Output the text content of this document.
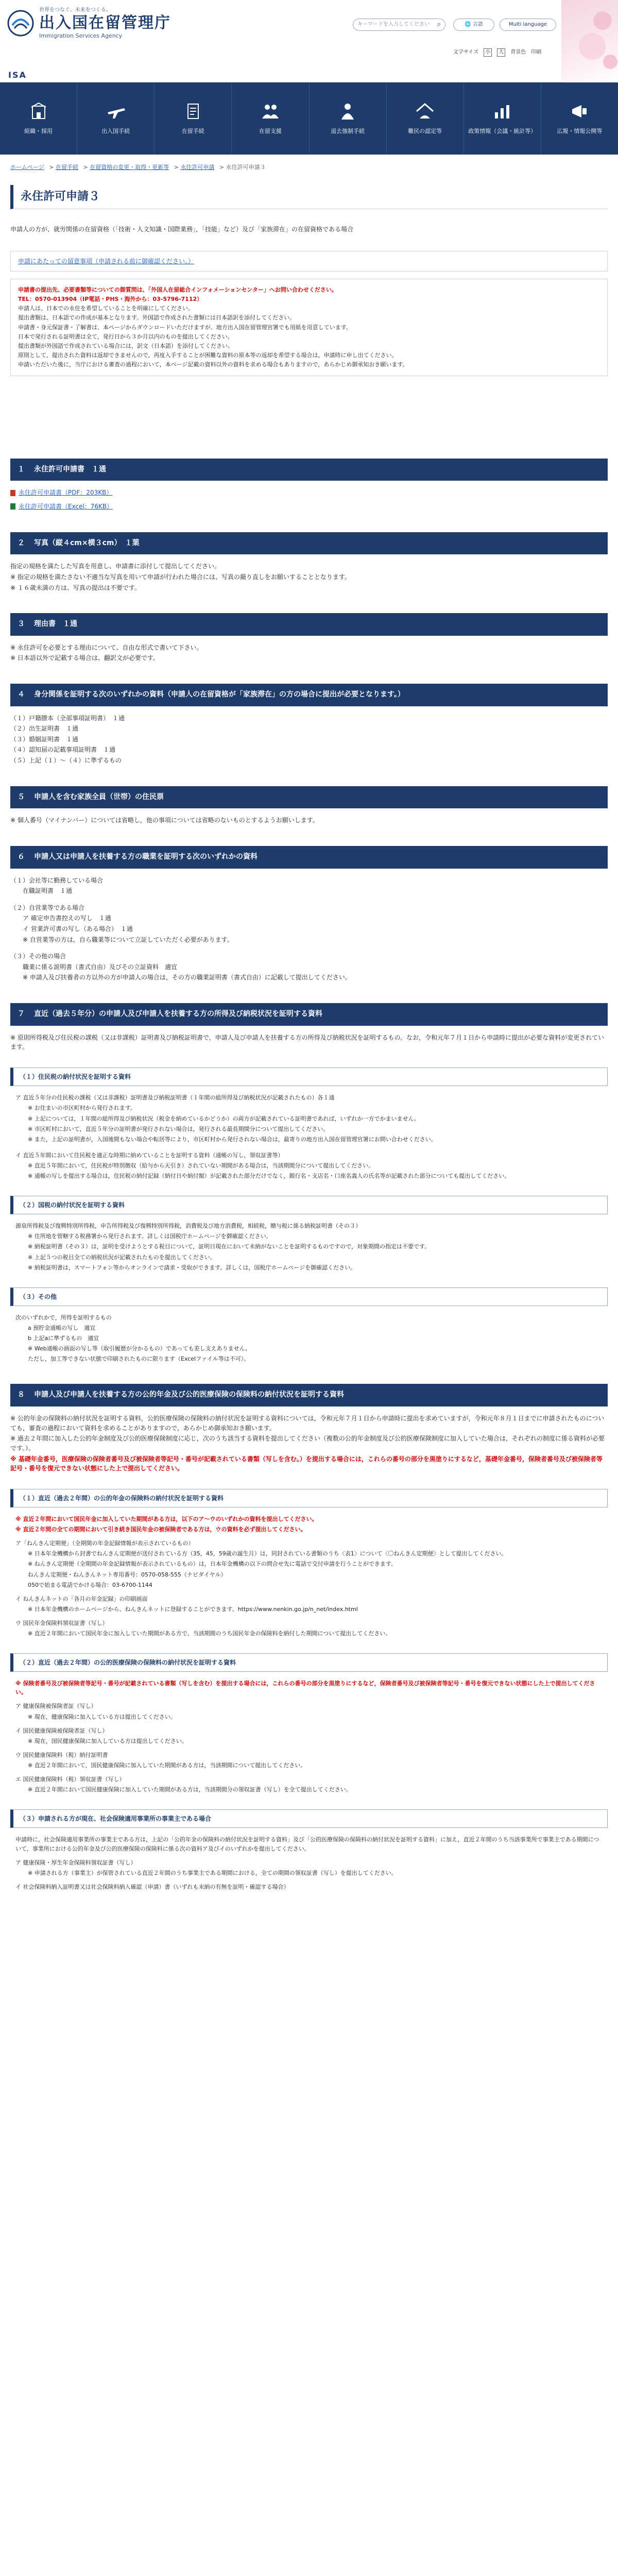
世界をつなぐ、未来をつくる。
出入国在留管理庁
Immigration Services Agency
ISA
キーワードを入力してください ⌕	🌐 言語	Multi language
文字サイズ	小	大	背景色 印刷
組織・採用	出入国手続	在留手続	在留支援	退去強制手続	難民の認定等	政策情報（会議・統計等）	広報・情報公開等
ホームページ > 在留手続 > 在留資格の変更・取得・更新等 > 永住許可申請 > 永住許可申請３
永住許可申請３
申請人の方が、就労関係の在留資格（「技術・人文知識・国際業務」，「技能」など）及び「家族滞在」の在留資格である場合
申請にあたっての留意事項（申請される前に御確認ください。）
申請書の提出先、必要書類等についての御質問は、「外国人在留総合インフォメーションセンター」へお問い合わせください。
TEL：0570-013904（IP電話・PHS・海外から：03-5796-7112）
申請人は、日本での永住を希望していることを明確にしてください。
提出書類は、日本語での作成が基本となります。外国語で作成された書類には日本語訳を添付してください。
申請書・身元保証書・了解書は、本ページからダウンロードいただけますが、地方出入国在留管理官署でも用紙を用意しています。
日本で発行される証明書は全て，発行日から３か月以内のものを提出してください。
提出書類が外国語で作成されている場合には，訳文（日本語）を添付してください。
原則として，提出された資料は返却できませんので，再度入手することが困難な資料の原本等の返却を希望する場合は，申請時に申し出てください。
申請いただいた後に，当庁における審査の過程において，本ページ記載の資料以外の資料を求める場合もありますので，あらかじめ御承知おき願います。
１ 永住許可申請書　１通
永住許可申請書（PDF：203KB）
永住許可申請書（Excel：76KB）
２ 写真（縦４cm×横３cm）　１葉

指定の規格を満たした写真を用意し、申請書に添付して提出してください。

※ 指定の規格を満たさない不適当な写真を用いて申請が行われた場合には、写真の撮り直しをお願いすることとなります。

※ １６歳未満の方は、写真の提出は不要です。

３ 理由書　１通

※ 永住許可を必要とする理由について、自由な形式で書いて下さい。

※ 日本語以外で記載する場合は、翻訳文が必要です。

４ 身分関係を証明する次のいずれかの資料（申請人の在留資格が「家族滞在」の方の場合に提出が必要となります。）

（１）戸籍謄本（全部事項証明書）　１通

（２）出生証明書　１通

（３）婚姻証明書　１通

（４）認知届の記載事項証明書　１通

（５）上記（１）〜（４）に準ずるもの

５ 申請人を含む家族全員（世帯）の住民票

※ 個人番号（マイナンバー）については省略し，他の事項については省略のないものとするようお願いします。

６ 申請人又は申請人を扶養する方の職業を証明する次のいずれかの資料

（１）会社等に勤務している場合

在職証明書　１通

（２）自営業等である場合

ア 確定申告書控えの写し　１通

イ 営業許可書の写し（ある場合）　１通

※ 自営業等の方は，自ら職業等について立証していただく必要があります。

（３）その他の場合

職業に係る説明書（書式自由）及びその立証資料　適宜

※ 申請人及び扶養者の方以外の方が申請人の場合は，その方の職業証明書（書式自由）に記載して提出してください。

７ 直近（過去５年分）の申請人及び申請人を扶養する方の所得及び納税状況を証明する資料

※ 原則所得税及び住民税の課税（又は非課税）証明書及び納税証明書で，申請人及び申請人を扶養する方の所得及び納税状況を証明するもの。なお，令和元年７月１日から申請時に提出が必要な資料が変更されています。

（１）住民税の納付状況を証明する資料

ア 直近５年分の住民税の課税（又は非課税）証明書及び納税証明書（１年間の総所得及び納税状況が記載されたもの）各１通

※ お住まいの市区町村から発行されます。

※ 上記については，１年間の総所得及び納税状況（税金を納めているかどうか）の両方が記載されている証明書であれば，いずれか一方でかまいません。

※ 市区町村において，直近５年分の証明書が発行されない場合は，発行される最長期間分について提出してください。

※ また，上記の証明書が，入国後間もない場合や転居等により，市区町村から発行されない場合は，最寄りの地方出入国在留管理官署にお問い合わせください。

イ 直近５年間において住民税を適正な時期に納めていることを証明する資料（通帳の写し，領収証書等）

※ 直近５年間において，住民税が特別徴収（給与から天引き）されていない期間がある場合は，当該期間分について提出してください。

※ 通帳の写しを提出する場合は，住民税の納付記録（納付日や納付額）が記載された部分だけでなく，銀行名・支店名・口座名義人の氏名等が記載された部分についても提出してください。

（２）国税の納付状況を証明する資料

源泉所得税及び復興特別所得税，申告所得税及び復興特別所得税，消費税及び地方消費税，相続税，贈与税に係る納税証明書（その３）

※ 住所地を管轄する税務署から発行されます。詳しくは国税庁ホームページを御確認ください。

※ 納税証明書（その３）は，証明を受けようとする税目について，証明日現在において未納がないことを証明するものですので，対象期間の指定は不要です。

※ 上記５つの税目全ての納税状況が記載されたものを提出してください。

※ 納税証明書は，スマートフォン等からオンラインで請求・受取ができます。詳しくは，国税庁ホームページを御確認ください。

（３）その他

次のいずれかで，所得を証明するもの

a 預貯金通帳の写し　適宜

b 上記aに準ずるもの　適宜

※ Web通帳の画面の写し等（取引履歴が分かるもの）であっても差し支えありません。

ただし，加工等できない状態で印刷されたものに限ります（Excelファイル等は不可）。

８ 申請人及び申請人を扶養する方の公的年金及び公的医療保険の保険料の納付状況を証明する資料

※ 公的年金の保険料の納付状況を証明する資料，公的医療保険の保険料の納付状況を証明する資料については，令和元年７月１日から申請時に提出を求めていますが，令和元年８月１日までに申請されたものについても，審査の過程において資料を求めることがありますので，あらかじめ御承知おき願います。

※ 過去２年間に加入した公的年金制度及び公的医療保険制度に応じ，次のうち該当する資料を提出してください（複数の公的年金制度及び公的医療保険制度に加入していた場合は，それぞれの制度に係る資料が必要です。）。

※ 基礎年金番号，医療保険の保険者番号及び被保険者等記号・番号が記載されている書類（写しを含む。）を提出する場合には，これらの番号の部分を黒塗りにするなど，基礎年金番号，保険者番号及び被保険者等記号・番号を復元できない状態にした上で提出してください。

（１）直近（過去２年間）の公的年金の保険料の納付状況を証明する資料

※ 直近２年間において国民年金に加入していた期間がある方は，以下のア〜ウのいずれかの資料を提出してください。

※ 直近２年間の全ての期間において引き続き国民年金の被保険者である方は，ウの資料を必ず提出してください。

ア「ねんきん定期便」（全期間の年金記録情報が表示されているもの）

※ 日本年金機構から封書でねんきん定期便が送付されている方（35，45，59歳の誕生月）は，同封されている書類のうち〈表1〉について〈〇ねんきん定期便〉として提出してください。

※ ねんきん定期便（全期間の年金記録情報が表示されているもの）は，日本年金機構の以下の問合せ先に電話で交付申請を行うことができます。

ねんきん定期便・ねんきんネット専用番号：0570-058-555（ナビダイヤル）

050で始まる電話でかける場合：03-6700-1144

イ ねんきんネットの「各月の年金記録」の印刷画面

※ 日本年金機構のホームページから、ねんきんネットに登録することができます。https://www.nenkin.go.jp/n_net/index.html

ウ 国民年金保険料領収証書（写し）

※ 直近２年間において国民年金に加入していた期間がある方で、当該期間のうち国民年金の保険料を納付した期間について提出してください。

（２）直近（過去２年間）の公的医療保険の保険料の納付状況を証明する資料

※ 保険者番号及び被保険者等記号・番号が記載されている書類（写しを含む）を提出する場合には，これらの番号の部分を黒塗りにするなど，保険者番号及び被保険者等記号・番号を復元できない状態にした上で提出してください。

ア 健康保険被保険者証（写し）

※ 現在，健康保険に加入している方は提出してください。

イ 国民健康保険被保険者証（写し）

※ 現在，国民健康保険に加入している方は提出してください。

ウ 国民健康保険料（税）納付証明書

※ 直近２年間において，国民健康保険に加入していた期間がある方は，当該期間について提出してください。

エ 国民健康保険料（税）領収証書（写し）

※ 直近２年間において国民健康保険に加入していた期間がある方は，当該期間分の領収証書（写し）を全て提出してください。

（３）申請される方が現在、社会保険適用事業所の事業主である場合

申請時に，社会保険適用事業所の事業主である方は，上記の「公的年金の保険料の納付状況を証明する資料」及び「公的医療保険の保険料の納付状況を証明する資料」に加え，直近２年間のうち当該事業所で事業主である期間について，事業所における公的年金及び公的医療保険の保険料に係る次の資料ア及びイのいずれかを提出してください。

ア 健康保険・厚生年金保険料領収証書（写し）

※ 申請される方（事業主）が保管されている直近２年間のうち事業主である期間における，全ての期間の領収証書（写し）を提出してください。

イ 社会保険料納入証明書又は社会保険料納入確認（申請）書（いずれも未納の有無を証明・確認する場合）
